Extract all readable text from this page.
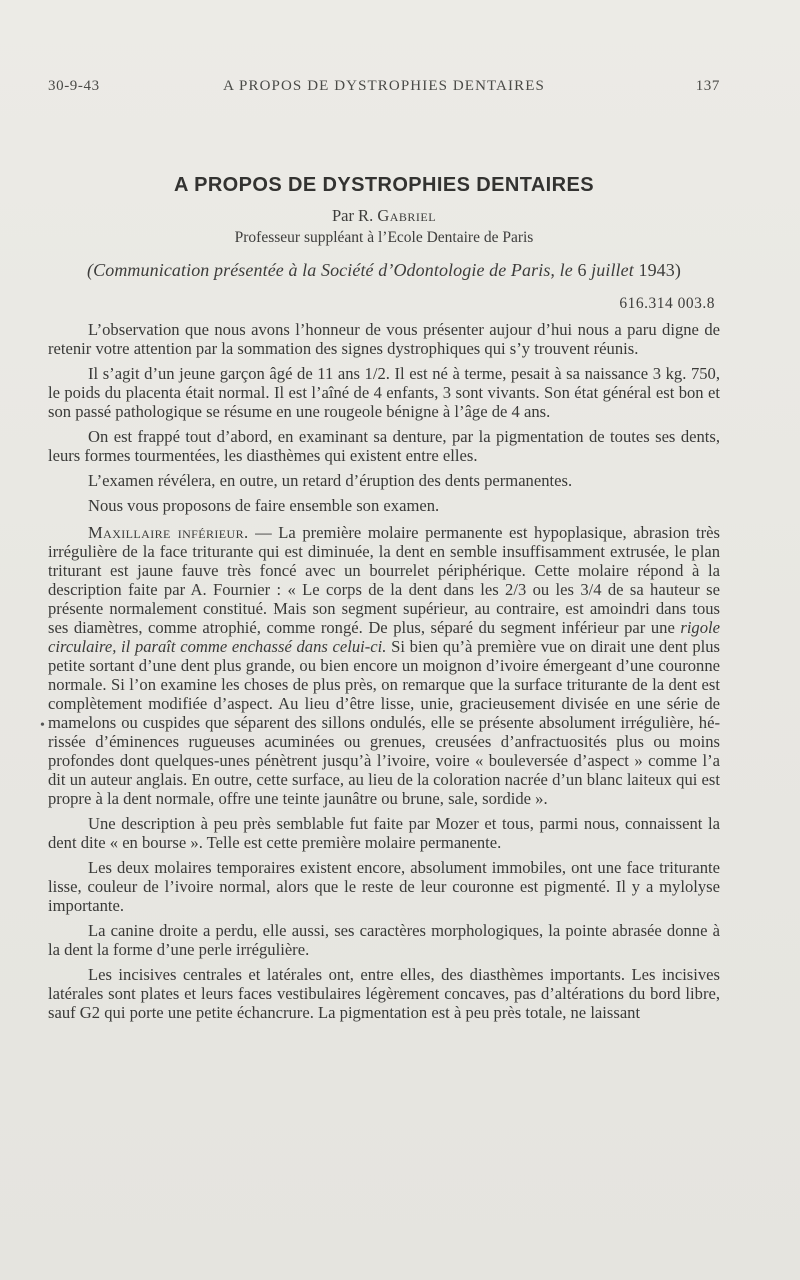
30-9-43	A PROPOS DE DYSTROPHIES DENTAIRES	137
A PROPOS DE DYSTROPHIES DENTAIRES
Par R. Gabriel
Professeur suppléant à l’Ecole Dentaire de Paris
(Communication présentée à la Société d’Odontologie de Paris, le 6 juillet 1943)
616.314 003.8
•

L’observation que nous avons l’honneur de vous présenter aujour d’hui nous a paru digne de retenir votre attention par la sommation des signes dystrophiques qui s’y trouvent réunis.

Il s’agit d’un jeune garçon âgé de 11 ans 1/2. Il est né à terme, pesait à sa naissance 3 kg. 750, le poids du placenta était normal. Il est l’aîné de 4 enfants, 3 sont vivants. Son état général est bon et son passé pathologique se résume en une rougeole bénigne à l’âge de 4 ans.

On est frappé tout d’abord, en examinant sa denture, par la pigmentation de toutes ses dents, leurs formes tourmentées, les diasthèmes qui existent entre elles.

L’examen révélera, en outre, un retard d’éruption des dents permanentes.

Nous vous proposons de faire ensemble son examen.

Maxillaire inférieur. — La première molaire permanente est hypoplasique, abrasion très irrégulière de la face triturante qui est diminuée, la dent en semble insuffisamment extrusée, le plan triturant est jaune fauve très foncé avec un bourrelet périphérique. Cette molaire répond à la description faite par A. Fournier : « Le corps de la dent dans les 2/3 ou les 3/4 de sa hauteur se présente normalement constitué. Mais son segment supérieur, au contraire, est amoindri dans tous ses diamètres, comme atrophié, comme rongé. De plus, séparé du segment inférieur par une rigole circulaire, il paraît comme enchassé dans celui-ci. Si bien qu’à première vue on dirait une dent plus petite sortant d’une dent plus grande, ou bien encore un moignon d’ivoire émergeant d’une couronne normale. Si l’on examine les choses de plus près, on remarque que la surface triturante de la dent est complètement modifiée d’aspect. Au lieu d’être lisse, unie, gracieusement divisée en une série de mamelons ou cuspides que séparent des sillons ondulés, elle se présente absolument irrégulière, hérissée d’éminences rugueuses acuminées ou grenues, creusées d’anfractuosités plus ou moins profondes dont quelques-unes pénètrent jusqu’à l’ivoire, voire « bouleversée d’aspect » comme l’a dit un auteur anglais. En outre, cette surface, au lieu de la coloration nacrée d’un blanc laiteux qui est propre à la dent normale, offre une teinte jaunâtre ou brune, sale, sordide ».

Une description à peu près semblable fut faite par Mozer et tous, parmi nous, connaissent la dent dite « en bourse ». Telle est cette première molaire permanente.

Les deux molaires temporaires existent encore, absolument immobiles, ont une face triturante lisse, couleur de l’ivoire normal, alors que le reste de leur couronne est pigmenté. Il y a mylolyse importante.

La canine droite a perdu, elle aussi, ses caractères morphologiques, la pointe abrasée donne à la dent la forme d’une perle irrégulière.

Les incisives centrales et latérales ont, entre elles, des diasthèmes importants. Les incisives latérales sont plates et leurs faces vestibulaires légèrement concaves, pas d’altérations du bord libre, sauf G2 qui porte une petite échancrure. La pigmentation est à peu près totale, ne laissant
